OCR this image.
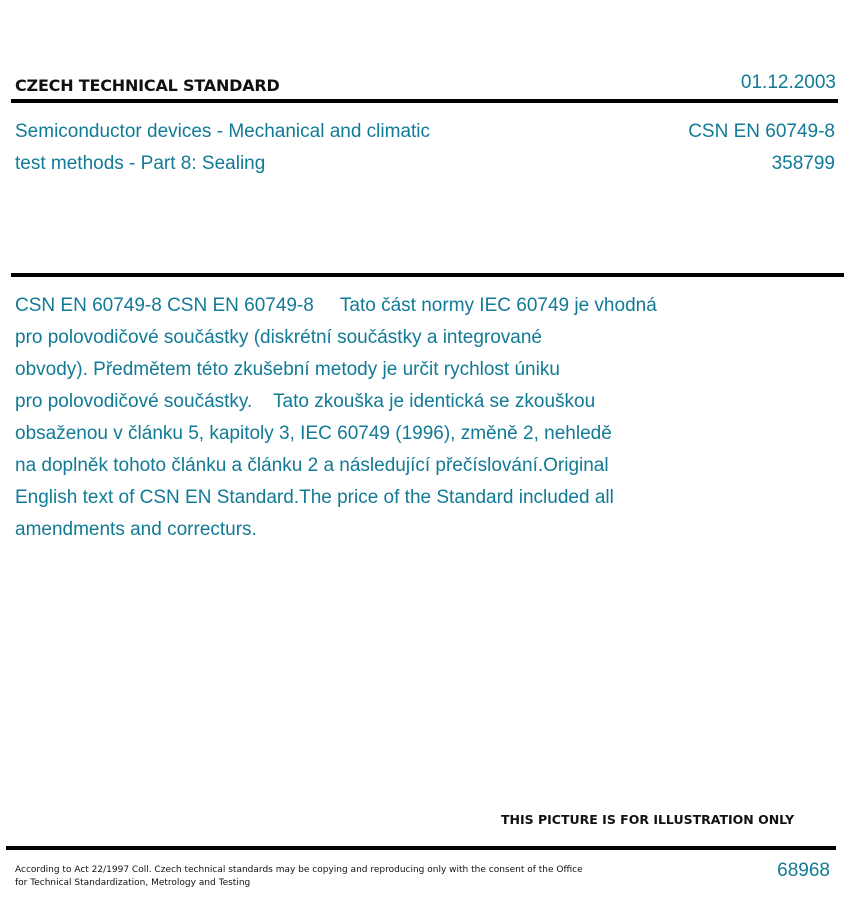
CZECH TECHNICAL STANDARD	01.12.2003
Semiconductor devices - Mechanical and climatic
test methods - Part 8: Sealing
CSN EN 60749-8
358799
CSN EN 60749-8 CSN EN 60749-8     Tato část normy IEC 60749 je vhodná
pro polovodičové součástky (diskrétní součástky a integrované
obvody). Předmětem této zkušební metody je určit rychlost úniku
pro polovodičové součástky.    Tato zkouška je identická se zkouškou
obsaženou v článku 5, kapitoly 3, IEC 60749 (1996), změně 2, nehledě
na doplněk tohoto článku a článku 2 a následující přečíslování.Original
English text of CSN EN Standard.The price of the Standard included all
amendments and correcturs.
THIS PICTURE IS FOR ILLUSTRATION ONLY
According to Act 22/1997 Coll. Czech technical standards may be copying and reproducing only with the consent of the Office
for Technical Standardization, Metrology and Testing
68968
